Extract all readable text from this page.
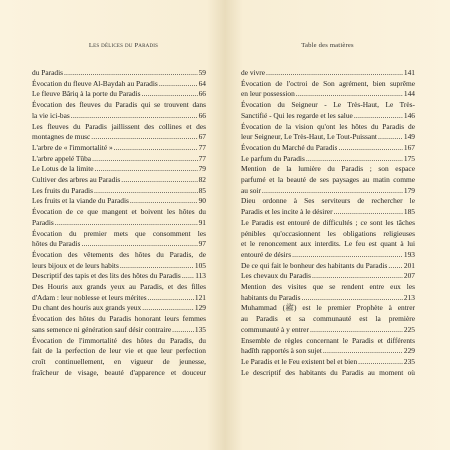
Les délices du Paradis
du Paradis .....	59
Évocation du fleuve Al-Baydah au Paradis .....	64
Le fleuve Bâriq à la porte du Paradis .....	66
Évocation des fleuves du Paradis qui se trouvent dans
la vie ici-bas .....	66
Les fleuves du Paradis jaillissent des collines et des
montagnes de musc .....	67
L'arbre de « l'immortalité » .....	77
L'arbre appelé Tûba .....	77
Le Lotus de la limite .....	79
Cultiver des arbres au Paradis .....	82
Les fruits du Paradis .....	85
Les fruits et la viande du Paradis .....	90
Évocation de ce que mangent et boivent les hôtes du
Paradis .....	91
Évocation du premier mets que consomment les
hôtes du Paradis .....	97
Évocation des vêtements des hôtes du Paradis, de
leurs bijoux et de leurs habits .....	105
Descriptif des tapis et des lits des hôtes du Paradis ..... 113
Des Houris aux grands yeux au Paradis, et des filles
d'Adam : leur noblesse et leurs mérites .....	121
Du chant des houris aux grands yeux .....	129
Évocation des hôtes du Paradis honorant leurs femmes
sans semence ni génération sauf désir contraire .....	135
Évocation de l'immortalité des hôtes du Paradis, du
fait de la perfection de leur vie et que leur perfection
croît continuellement, en vigueur de jeunesse,
fraîcheur de visage, beauté d'apparence et douceur
Table des matières
de vivre .....	141
Évocation de l'octroi de Son agrément, bien suprême
en leur possession .....	144
Évocation du Seigneur - Le Très-Haut, Le Très-
Sanctifié - Qui les regarde et les salue .....	146
Évocation de la vision qu'ont les hôtes du Paradis de
leur Seigneur, Le Très-Haut, Le Tout-Puissant .....	149
Évocation du Marché du Paradis .....	167
Le parfum du Paradis .....	175
Mention de la lumière du Paradis ; son espace
parfumé et la beauté de ses paysages au matin comme
au soir .....	179
Dieu ordonne à Ses serviteurs de rechercher le
Paradis et les incite à le désirer .....	185
Le Paradis est entouré de difficultés ; ce sont les tâches
pénibles qu'occasionnent les obligations religieuses
et le renoncement aux interdits. Le feu est quant à lui
entouré de désirs .....	193
De ce qui fait le bonheur des habitants du Paradis ..... 201
Les chevaux du Paradis .....	207
Mention des visites que se rendent entre eux les
habitants du Paradis .....	213
Muhammad (ﷺ) est le premier Prophète à entrer
au Paradis et sa communauté est la première
communauté à y entrer .....	225
Ensemble de règles concernant le Paradis et différents
hadîth rapportés à son sujet .....	229
Le Paradis et le Feu existent bel et bien .....	235
Le descriptif des habitants du Paradis au moment où
